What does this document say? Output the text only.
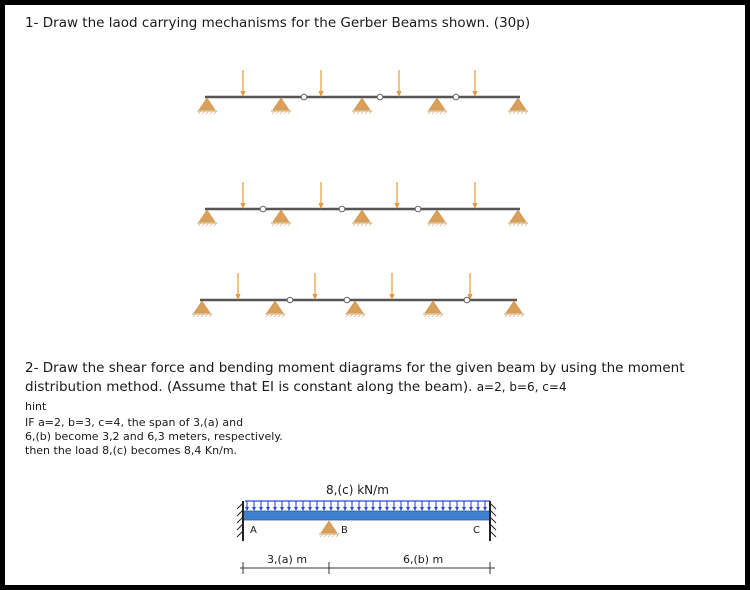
1- Draw the laod carrying mechanisms for the Gerber Beams shown. (30p)
8,(c) kN/m
A	B	C
3,(a) m	6,(b) m
2- Draw the shear force and bending moment diagrams for the given beam by using the moment
distribution method. (Assume that EI is constant along the beam). a=2, b=6, c=4
hint
IF a=2, b=3, c=4, the span of 3,(a) and
6,(b) become 3,2 and 6,3 meters, respectively.
then the load 8,(c) becomes 8,4 Kn/m.
